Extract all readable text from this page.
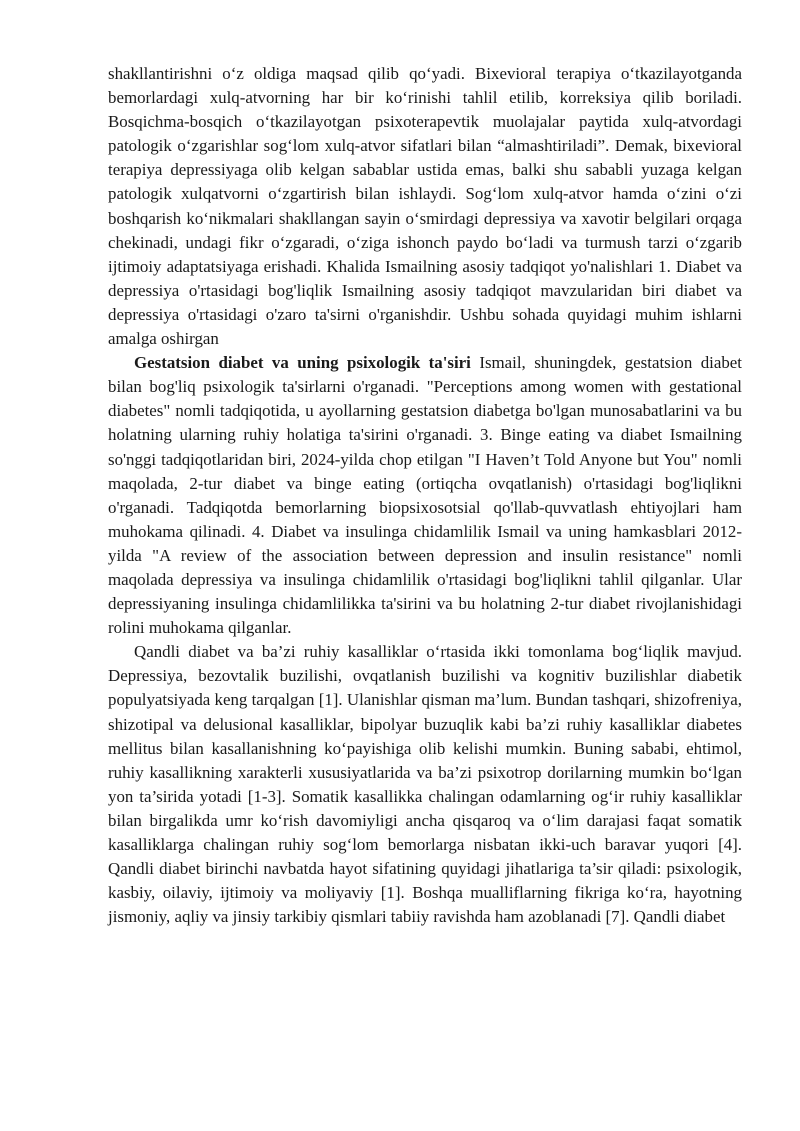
shakllantirishni o‘z oldiga maqsad qilib qo‘yadi. Bixevioral terapiya o‘tkazilayotganda bemorlardagi xulq-atvorning har bir ko‘rinishi tahlil etilib, korreksiya qilib boriladi. Bosqichma-bosqich o‘tkazilayotgan psixoterapevtik muolajalar paytida xulq-atvordagi patologik o‘zgarishlar sog‘lom xulq-atvor sifatlari bilan “almashtiriladi”. Demak, bixevioral terapiya depressiyaga olib kelgan sabablar ustida emas, balki shu sababli yuzaga kelgan patologik xulqatvorni o‘zgartirish bilan ishlaydi. Sog‘lom xulq-atvor hamda o‘zini o‘zi boshqarish ko‘nikmalari shakllangan sayin o‘smirdagi depressiya va xavotir belgilari orqaga chekinadi, undagi fikr o‘zgaradi, o‘ziga ishonch paydo bo‘ladi va turmush tarzi o‘zgarib ijtimoiy adaptatsiyaga erishadi. Khalida Ismailning asosiy tadqiqot yo'nalishlari 1. Diabet va depressiya o'rtasidagi bog'liqlik Ismailning asosiy tadqiqot mavzularidan biri diabet va depressiya o'rtasidagi o'zaro ta'sirni o'rganishdir. Ushbu sohada quyidagi muhim ishlarni amalga oshirgan

Gestatsion diabet va uning psixologik ta'siri Ismail, shuningdek, gestatsion diabet bilan bog'liq psixologik ta'sirlarni o'rganadi. "Perceptions among women with gestational diabetes" nomli tadqiqotida, u ayollarning gestatsion diabetga bo'lgan munosabatlarini va bu holatning ularning ruhiy holatiga ta'sirini o'rganadi. 3. Binge eating va diabet Ismailning so'nggi tadqiqotlaridan biri, 2024-yilda chop etilgan "I Haven’t Told Anyone but You" nomli maqolada, 2-tur diabet va binge eating (ortiqcha ovqatlanish) o'rtasidagi bog'liqlikni o'rganadi. Tadqiqotda bemorlarning biopsixosotsial qo'llab-quvvatlash ehtiyojlari ham muhokama qilinadi. 4. Diabet va insulinga chidamlilik Ismail va uning hamkasblari 2012-yilda "A review of the association between depression and insulin resistance" nomli maqolada depressiya va insulinga chidamlilik o'rtasidagi bog'liqlikni tahlil qilganlar. Ular depressiyaning insulinga chidamlilikka ta'sirini va bu holatning 2-tur diabet rivojlanishidagi rolini muhokama qilganlar.

Qandli diabet va ba’zi ruhiy kasalliklar o‘rtasida ikki tomonlama bog‘liqlik mavjud. Depressiya, bezovtalik buzilishi, ovqatlanish buzilishi va kognitiv buzilishlar diabetik populyatsiyada keng tarqalgan [1]. Ulanishlar qisman ma’lum. Bundan tashqari, shizofreniya, shizotipal va delusional kasalliklar, bipolyar buzuqlik kabi ba’zi ruhiy kasalliklar diabetes mellitus bilan kasallanishning ko‘payishiga olib kelishi mumkin. Buning sababi, ehtimol, ruhiy kasallikning xarakterli xususiyatlarida va ba’zi psixotrop dorilarning mumkin bo‘lgan yon ta’sirida yotadi [1-3]. Somatik kasallikka chalingan odamlarning og‘ir ruhiy kasalliklar bilan birgalikda umr ko‘rish davomiyligi ancha qisqaroq va o‘lim darajasi faqat somatik kasalliklarga chalingan ruhiy sog‘lom bemorlarga nisbatan ikki-uch baravar yuqori [4]. Qandli diabet birinchi navbatda hayot sifatining quyidagi jihatlariga ta’sir qiladi: psixologik, kasbiy, oilaviy, ijtimoiy va moliyaviy [1]. Boshqa mualliflarning fikriga ko‘ra, hayotning jismoniy, aqliy va jinsiy tarkibiy qismlari tabiiy ravishda ham azoblanadi [7]. Qandli diabet
